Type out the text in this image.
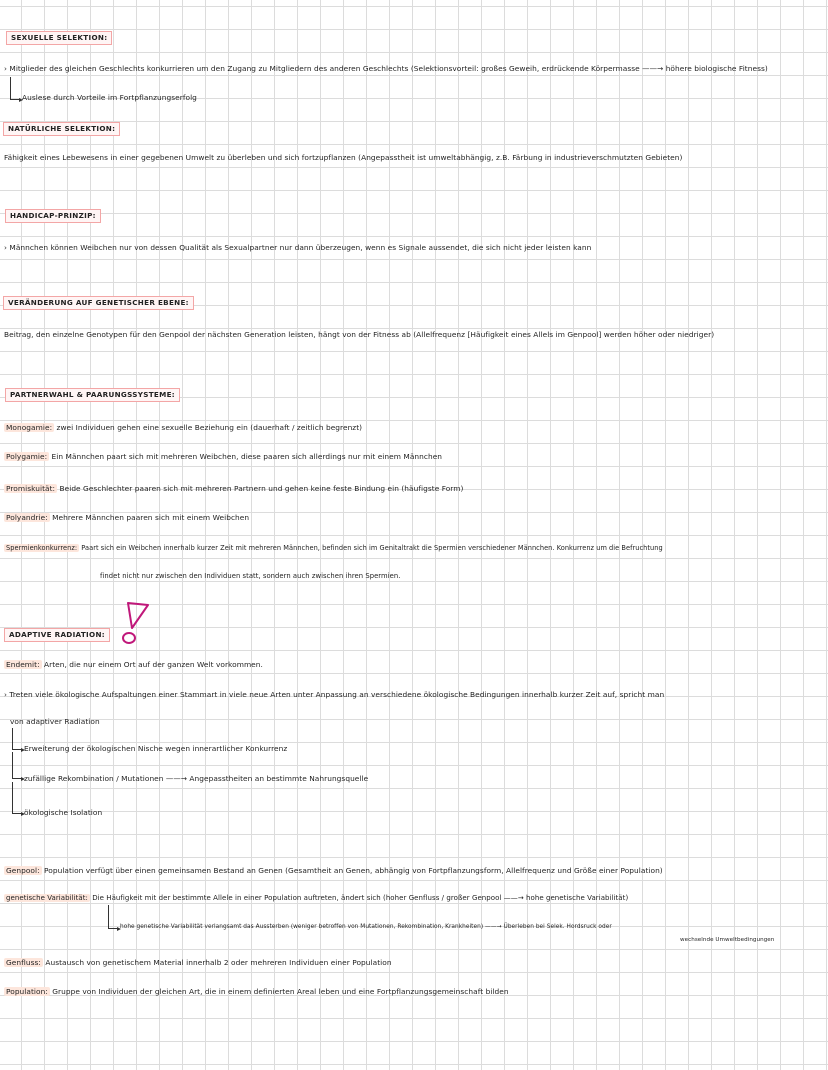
SEXUELLE SELEKTION:
› Mitglieder des gleichen Geschlechts konkurrieren um den Zugang zu Mitgliedern des anderen Geschlechts (Selektionsvorteil: großes Geweih, erdrückende Körpermasse ——→ höhere biologische Fitness)
Auslese durch Vorteile im Fortpflanzungserfolg
NATÜRLICHE SELEKTION:
Fähigkeit eines Lebewesens in einer gegebenen Umwelt zu überleben und sich fortzupflanzen (Angepasstheit ist umweltabhängig, z.B. Färbung in industrieverschmutzten Gebieten)
HANDICAP-PRINZIP:
› Männchen können Weibchen nur von dessen Qualität als Sexualpartner nur dann überzeugen, wenn es Signale aussendet, die sich nicht jeder leisten kann
VERÄNDERUNG AUF GENETISCHER EBENE:
Beitrag, den einzelne Genotypen für den Genpool der nächsten Generation leisten, hängt von der Fitness ab (Allelfrequenz [Häufigkeit eines Allels im Genpool] werden höher oder niedriger)
PARTNERWAHL & PAARUNGSSYSTEME:
Monogamie: zwei Individuen gehen eine sexuelle Beziehung ein (dauerhaft / zeitlich begrenzt)
Polygamie: Ein Männchen paart sich mit mehreren Weibchen, diese paaren sich allerdings nur mit einem Männchen
Promiskuität: Beide Geschlechter paaren sich mit mehreren Partnern und gehen keine feste Bindung ein (häufigste Form)
Polyandrie: Mehrere Männchen paaren sich mit einem Weibchen
Spermienkonkurrenz: Paart sich ein Weibchen innerhalb kurzer Zeit mit mehreren Männchen, befinden sich im Genitaltrakt die Spermien verschiedener Männchen. Konkurrenz um die Befruchtung
findet nicht nur zwischen den Individuen statt, sondern auch zwischen ihren Spermien.
ADAPTIVE RADIATION:
Endemit: Arten, die nur einem Ort auf der ganzen Welt vorkommen.
› Treten viele ökologische Aufspaltungen einer Stammart in viele neue Arten unter Anpassung an verschiedene ökologische Bedingungen innerhalb kurzer Zeit auf, spricht man
von adaptiver Radiation
Erweiterung der ökologischen Nische wegen innerartlicher Konkurrenz
zufällige Rekombination / Mutationen ——→ Angepasstheiten an bestimmte Nahrungsquelle
ökologische Isolation
Genpool: Population verfügt über einen gemeinsamen Bestand an Genen (Gesamtheit an Genen, abhängig von Fortpflanzungsform, Allelfrequenz und Größe einer Population)
genetische Variabilität: Die Häufigkeit mit der bestimmte Allele in einer Population auftreten, ändert sich (hoher Genfluss / großer Genpool ——→ hohe genetische Variabilität)
hohe genetische Variabilität verlangsamt das Aussterben (weniger betroffen von Mutationen, Rekombination, Krankheiten) ——→ Überleben bei Selek. Hordsruck oder
wechselnde Umweltbedingungen
Genfluss: Austausch von genetischem Material innerhalb 2 oder mehreren Individuen einer Population
Population: Gruppe von Individuen der gleichen Art, die in einem definierten Areal leben und eine Fortpflanzungsgemeinschaft bilden
